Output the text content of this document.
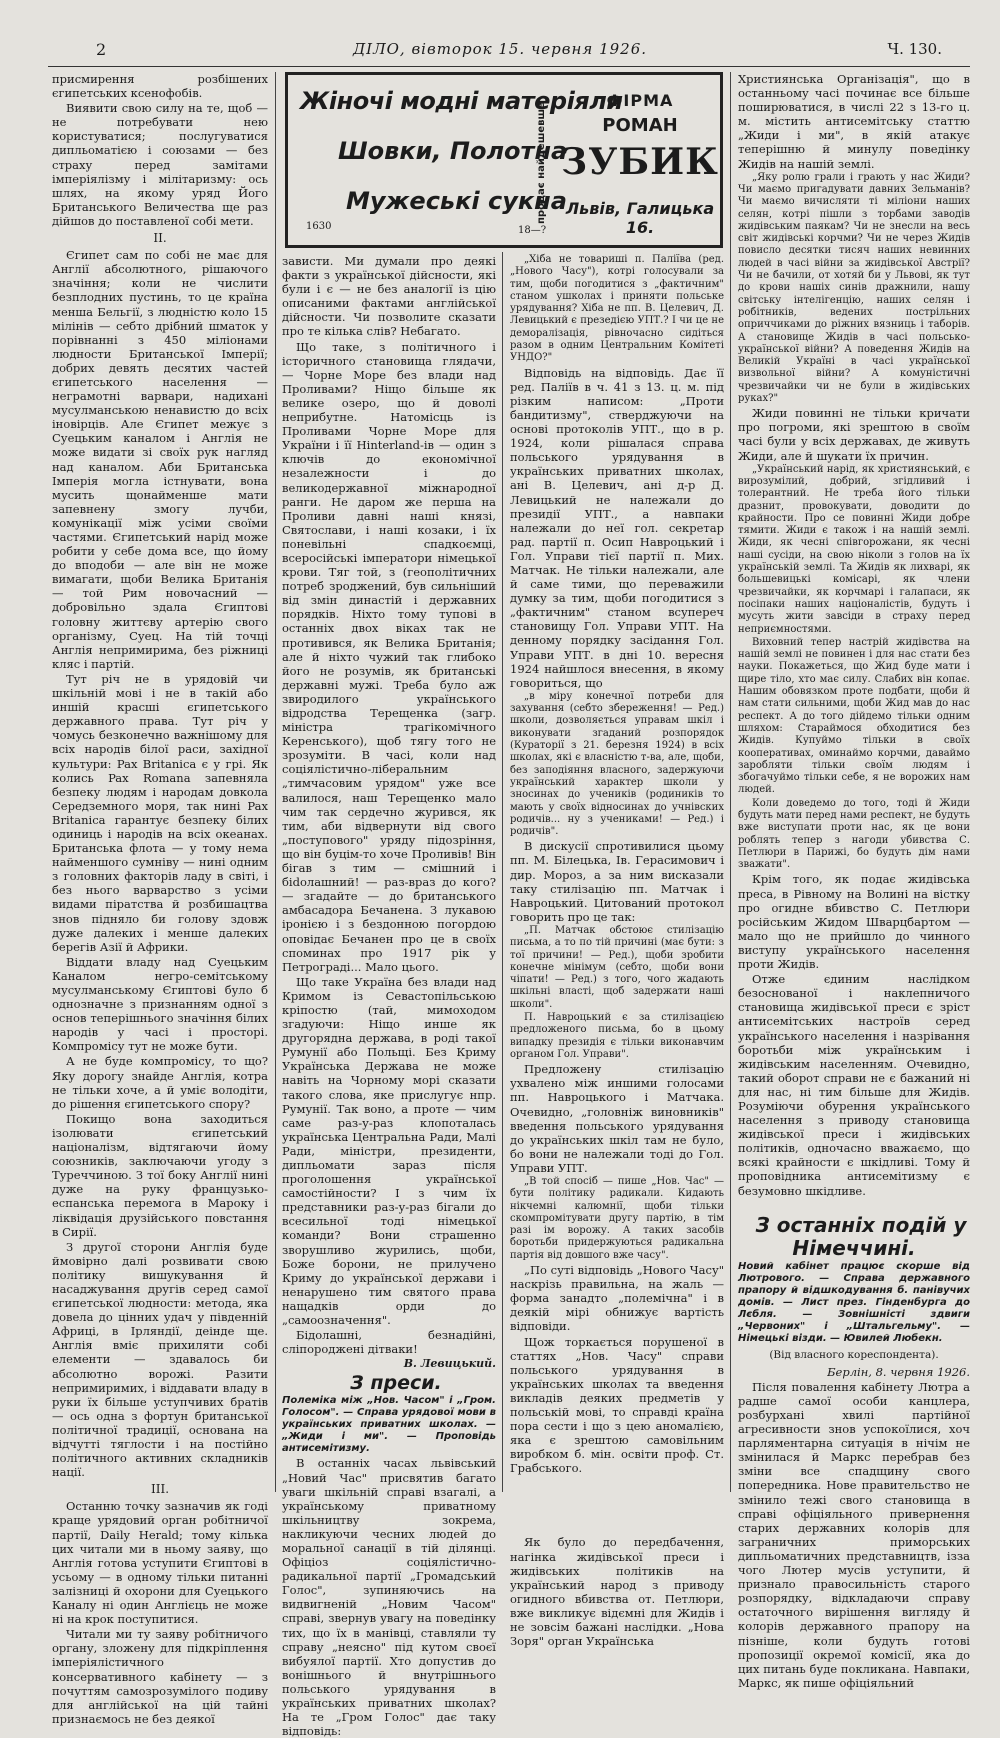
2	ДІЛО, вівторок 15. червня 1926.	Ч. 130.
Жіночі модні матеріяли
Шовки, Полотна
Мужеські сукна
1630	18—?
продає найдешевше
ФІРМА
РОМАН
ЗУБИК
Львів, Галицька 16.

присмирення розбішених єгипетських ксенофобів.

Виявити свою силу на те, щоб — не потребувати нею користуватися; послугуватися дипльоматією і союзами — без страху перед замітами імперіялізму і мілітаризму: ось шлях, на якому уряд Його Британського Величества ще раз дійшов до поставленої собі мети.

II.

Єгипет сам по собі не має для Англії абсолютного, рішаючого значіння; коли не числити безплодних пустинь, то це країна менша Бельгії, з людністю коло 15 мілінів — себто дрібний шматок у порівнанні з 450 міліонами людности Британської Імперії; добрих девять десятих частей єгипетського населення — неграмотні варвари, надихані мусулманською ненавистю до всіх іновірців. Але Єгипет межує з Суецьким каналом і Англія не може видати зі своїх рук нагляд над каналом. Аби Британська Імперія могла істнувати, вона мусить щонайменше мати запевнену змогу лучби, комунікації між усіми своїми частями. Єгипетський нарід може робити у себе дома все, що йому до вподоби — але він не може вимагати, щоби Велика Британія — той Рим новочасний — добровільно здала Єгиптові головну життєву артерію свого організму, Суец. На тій точці Англія непримирима, без ріжниці кляс і партій.

Тут річ не в урядовій чи шкільній мові і не в такій або иншій красші єгипетського державного права. Тут річ у чомусь безконечно важнішому для всіх народів білої раси, західної культури: Pax Britanica є у грі. Як колись Pax Romana запевняла безпеку людям і народам довкола Середземного моря, так нині Pax Britanica гарантує безпеку білих одиниць і народів на всіх океанах. Британська флота — у тому нема найменшого сумніву — нині одним з головних факторів ладу в світі, і без нього варварство з усіми видами піратства й розбишацтва знов підняло би голову здовж дуже далеких і менше далеких берегів Азії й Африки.

Віддати владу над Суецьким Каналом негро-семітському мусулманському Єгиптові було б однозначне з признанням одної з основ теперішнього значіння білих народів у часі і просторі. Компромісу тут не може бути.

А не буде компромісу, то що? Яку дорогу знайде Англія, котра не тільки хоче, а й уміє володіти, до рішення єгипетського спору?

Покищо вона заходиться ізолювати єгипетський націоналізм, відтягаючи йому союзників, заключаючи угоду з Туреччиною. З тої боку Англії нині дуже на руку французько-еспанська перемога в Мароку і ліквідація друзійського повстання в Сирії.

З другої сторони Англія буде ймовірно далі розвивати свою політику вишукування й насаджування другів серед самої єгипетської людности: метода, яка довела до цінних удач у південній Африці, в Ірляндії, деінде ще. Англія вміє прихиляти собі елементи — здавалось би абсолютно ворожі. Разити непримиримих, і віддавати владу в руки їх більше уступчивих братів — ось одна з фортун британської політичної традиції, основана на відчутті тяглости і на постійно політичного активних складників нації.

III.

Останню точку зазначив як годі краще урядовий орган робітничої партії, Daily Herald; тому кілька цих читали ми в ньому заяву, що Англія готова уступити Єгиптові в усьому — в одному тільки питанні залізниці й охорони для Суецького Каналу ні один Англієць не може ні на крок поступитися.

Читали ми ту заяву робітничого органу, зложену для підкріплення імперіялістичного консервативного кабінету — з почуттям самозрозумілого подиву для англійської на цій тайні признаємось не без деякої

зависти. Ми думали про деякі факти з української дійсности, які були і є — не без аналогії із цію описаними фактами англійської дійсности. Чи позволите сказати про те кілька слів? Небагато.

Що таке, з політичного і історичного становища глядачи, — Чорне Море без влади над Проливами? Ніщо більше як велике озеро, що й доволі неприбутне. Натомісць із Проливами Чорне Море для України і її Hinterland-ів — один з ключів до економічної незалежности і до великодержавної міжнародної ранги. Не даром же перша на Проливи давні наші князі, Святослави, і наші козаки, і їх поневільні спадкоємці, всеросійські імператори німецької крови. Тяг той, з (геополітичних потреб зроджений, був сильніший від змін династій і державних порядків. Ніхто тому тупові в останніх двох віках так не противився, як Велика Британія; але й ніхто чужий так глибоко його не розумів, як британські державні мужі. Треба було аж звиродилого українського відродства Терещенка (загр. міністра трагікомічного Керенського), щоб тягу того не зрозуміти. В часі, коли над соціялістично-ліберальним „тимчасовим урядом" уже все валилося, наш Терещенко мало чим так сердечно журився, як тим, аби відвернути від свого „поступового" уряду підозріння, що він буцім-то хоче Проливів! Він бігав з тим — смішний і біdолашний! — раз-враз до кого? — згадайте — до британського амбасадора Бечанена. З лукавою іронією і з бездонною погордою оповідає Бечанен про це в своїх споминах про 1917 рік у Петрограді... Мало цього.

Що таке Україна без влади над Кримом із Севастопільською кріпостю (тай, мимоходом згадуючи: Ніщо инше як другорядна держава, в роді такої Румунії або Польщі. Без Криму Українська Держава не може навіть на Чорному морі сказати такого слова, яке прислугує нпр. Румунії. Так воно, а проте — чим саме раз-у-раз клопоталась українська Центральна Ради, Малі Ради, міністри, президенти, дипльомати зараз після проголошення української самостійности? І з чим їх представники раз-у-раз бігали до всесильної тоді німецької команди? Вони страшенно зворушливо журились, щоби, Боже борони, не прилучено Криму до української держави і ненарушено тим святого права нащадків орди до „самоозначення".

Бідолашні, безнадійні, сліпороджені дітваки!

В. Левицький.

З преси.

Полеміка між „Нов. Часом" і „Гром. Голосом". — Справа урядової мови в українських приватних школах. — „Жиди і ми". — Проповідь антисемітизму.

В останніх часах львівський „Новий Час" присвятив багато уваги шкільній справі взагалі, а українському приватному шкільництву зокрема, накликуючи чесних людей до моральної санації в тій ділянці. Офіціоз соціялістично-радикальної партії „Громадський Голос", зупиняючись на видвигненій „Новим Часом" справі, звернув увагу на поведінку тих, що їх в манівці, ставляли ту справу „неясно" під кутом своєї вибуялої партії. Хто допустив до вонішнього й внутрішнього польського урядування в українських приватних школах? На те „Гром Голос" дає таку відповідь:

„Хіба не товариші п. Паліїва (ред. „Нового Часу"), котрі голосували за тим, щоби погодитися з „фактичним" станом ушколах і приняти польське урядування? Хіба не пп. В. Целевич, Д. Левицький є презедією УПТ.? І чи це не деморалізація, рівночасно сидіться разом в одним Центральним Комітеті УНДО?"

Відповідь на відповідь. Дає її ред. Паліїв в ч. 41 з 13. ц. м. під різким написом: „Проти бандитизму", стверджуючи на основі протоколів УПТ., що в р. 1924, коли рішалася справа польського урядування в українських приватних школах, ані В. Целевич, ані д-р Д. Левицький не належали до президії УПТ., а навпаки належали до неї гол. секретар рад. партії п. Осип Навроцький і Гол. Управи тієї партії п. Мих. Матчак. Не тільки належали, але й саме тими, що переважили думку за тим, щоби погодитися з „фактичним" станом всупереч становищу Гол. Управи УПТ. На денному порядку засідання Гол. Управи УПТ. в дні 10. вересня 1924 найшлося внесення, в якому говориться, що

„в міру конечної потреби для захування (себто збереження! — Ред.) школи, дозволяється управам шкіл і виконувати згаданий розпорядок (Кураторії з 21. березня 1924) в всіх школах, які є власністю т-ва, але, щоби, без заподіяння власного, задержуючи український характер школи у зносинах до учеників (родиників то мають у своїх відносинах до учнівских родичів... ну з учениками! — Ред.) і родичів".

В дискусії спротивилися цьому пп. М. Білецька, Ів. Герасимович і дир. Мороз, а за ним висказали таку стилізацію пп. Матчак і Навроцький. Цитований протокол говорить про це так:

„П. Матчак обстоює стилізацію письма, а то по тій причині (має бути: з тої причини! — Ред.), щоби зробити конечне мінімум (себто, щоби вони чіпати! — Ред.) з того, чого жадають шкільні власті, щоб задержати наші школи".

П. Навроцький є за стилізацією предложеного письма, бо в цьому випадку президія є тільки виконавчим органом Гол. Управи".

Предложену стилізацію ухвалено між иншими голосами пп. Навроцького і Матчака. Очевидно, „головніж виновників" введення польського урядування до українських шкіл там не було, бо вони не належали тоді до Гол. Управи УПТ.

„В той спосіб — пише „Нов. Час" — бути політику радикали. Кидають нікчемні калюмнії, щоби тільки скомпромітувати другу партію, в тім разі ім ворожу. А таких засобів боротьби придержуються радикальна партія від довшого вже часу".

„По суті відповідь „Нового Часу" наскрізь правильна, на жаль — форма занадто „полемічна" і в деякій мірі обнижує вартість відповіди.

Щож торкається порушеної в статтях „Нов. Часу" справи польського урядування в українських школах та введення викладів деяких предметів у польській мові, то справді країна пора сести і що з цею аномалією, яка є зрештою самовільним виробком б. мін. освіти проф. Ст. Грабського.

Як було до передбачення, нагінка жидівської преси і жидівських політиків на український народ з приводу огидного вбивства от. Петлюри, вже викликує відємні для Жидів і не зовсім бажані наслідки. „Нова Зоря" орган Українська

Християнська Організація", що в останньому часі починає все більше поширюватися, в числі 22 з 13-го ц. м. містить антисемітську статтю „Жиди і ми", в якій атакує теперішню й минулу поведінку Жидів на нашій землі.

„Яку ролю грали і грають у нас Жиди? Чи маємо пригадувати давних Зельманів? Чи маємо вичисляти ті міліони наших селян, котрі пішли з торбами заводів жидівським паякам? Чи не знесли на весь світ жидівські корчми? Чи не через Жидів повисло десятки тисяч наших невинних людей в часі війни за жидівської Австрії? Чи не бачили, от хотяй би у Львові, як тут до крови нашіх синів дражнили, нашу світську інтелігенцію, наших селян і робітників, ведених пострільних оприччиками до ріжних вязниць і таборів. А становище Жидів в часі польсько-української війни? А поведення Жидів на Великій Україні в часі української визвольної війни? А комуністичні чрезвичайки чи не були в жидівських руках?"

Жиди повинні не тільки кричати про погроми, які зрештою в своїм часі були у всіх державах, де живуть Жиди, але й шукати їх причин.

„Український нарід, як християнський, є вирозумілий, добрий, згідливий і толерантний. Не треба його тільки дразнит, провокувати, доводити до крайности. Про се повинні Жиди добре тямити. Жиди є також і на нашій землі. Жиди, як чесні співгорожани, як чесні наші сусіди, на свою ніколи з голов на їх українській землі. Та Жидів як лихварі, як большевицькі комісарі, як члени чрезвичайки, як корчмарі і галапаси, як посіпаки наших націоналістів, будуть і мусуть жити завсіди в страху перед неприємностями.

Виховний тепер настрій жидівства на нашій землі не повинен і для нас стати без науки. Покажеться, що Жид буде мати і щире тіло, хто має силу. Слабих він копає. Нашим обовязком проте подбати, щоби й нам стати сильними, щоби Жид мав до нас респект. А до того дійдемо тільки одним шляхом: Стараймося обходитися без Жидів. Купуймо тільки в своїх кооперативах, оминаймо корчми, даваймо заробляти тільки своїм людям і збогачуймо тільки себе, я не ворожих нам людей.

Коли доведемо до того, тоді й Жиди будуть мати перед нами респект, не будуть вже виступати проти нас, як це вони роблять тепер з нагоди убивства С. Петлюри в Парижі, бо будуть дім нами зважати".

Крім того, як подає жидівська преса, в Рівному на Волині на вістку про огидне вбивство С. Петлюри російським Жидом Шварцбартом — мало що не прийшло до чинного виступу українського населення проти Жидів.

Отже єдиним наслідком безоснованої і наклепничого становища жидівської преси є зріст антисемітських настроїв серед українського населення і назрівання боротьби між українським і жидівським населенням. Очевидно, такий оборот справи не є бажаний ні для нас, ні тим більше для Жидів. Розуміючи обурення українського населення з приводу становища жидівської преси і жидівських політиків, одночасно вважаємо, що всякі крайности є шкідливі. Тому й проповідника антисемітизму є безумовно шкідливе.

З останніх подій у Німеччині.

Новий кабінет працює скорше від Лютрового. — Справа державного прапору й відшкодування б. панівучих домів. — Лист през. Гінденбурга до Лєбля. — Зовнішністі здвиги „Червоних" і „Штальгельму". — Німецькі візди. — Ювилей Любекн.

(Від власного кореспондента).

Берлін, 8. червня 1926.

Після повалення кабінету Лютра а радше самої особи канцлера, розбурхані хвилі партійної агресивности знов успокоїлися, хоч парляментарна ситуація в нічім не змінилася й Маркс перебрав без зміни все спадщину свого попередника. Нове правительство не змінило тежі свого становища в справі офіціяльного привернення старих державних колорів для заграничних приморських дипльоматичних представництв, ізза чого Лютер мусів уступити, й признало правосильність старого розпорядку, відкладаючи справу остаточного вирішення вигляду й колорів державного прапору на пізніше, коли будуть готові пропозиції окремої комісії, яка до цих питань буде покликана. Навпаки, Маркс, як пише офіціяльний
